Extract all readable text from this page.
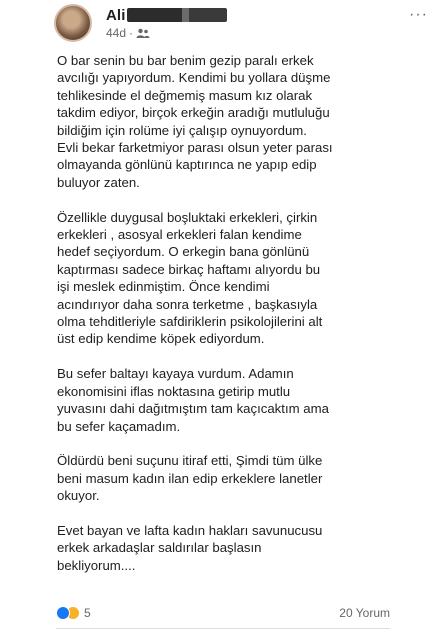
Ali
44d ·
···

O bar senin bu bar benim gezip paralı erkek
avcılığı yapıyordum. Kendimi bu yollara düşme
tehlikesinde el değmemiş masum kız olarak
takdim ediyor, birçok erkeğin aradığı mutluluğu
bildiğim için rolüme iyi çalışıp oynuyordum.
Evli bekar farketmiyor parası olsun yeter parası
olmayanda gönlünü kaptırınca ne yapıp edip
buluyor zaten.

Özellikle duygusal boşluktaki erkekleri, çirkin
erkekleri , asosyal erkekleri falan kendime
hedef seçiyordum. O erkegin bana gönlünü
kaptırması sadece birkaç haftamı alıyordu bu
işi meslek edinmiştim. Önce kendimi
acındırıyor daha sonra terketme , başkasıyla
olma tehditleriyle safdiriklerin psikolojilerini alt
üst edip kendime köpek ediyordum.

Bu sefer baltayı kayaya vurdum. Adamın
ekonomisini iflas noktasına getirip mutlu
yuvasını dahi dağıtmıştım tam kaçıcaktım ama
bu sefer kaçamadım.

Öldürdü beni suçunu itiraf etti, Şimdi tüm ülke
beni masum kadın ilan edip erkeklere lanetler
okuyor.

Evet bayan ve lafta kadın hakları savunucusu
erkek arkadaşlar saldırılar başlasın
bekliyorum....

5	20 Yorum
